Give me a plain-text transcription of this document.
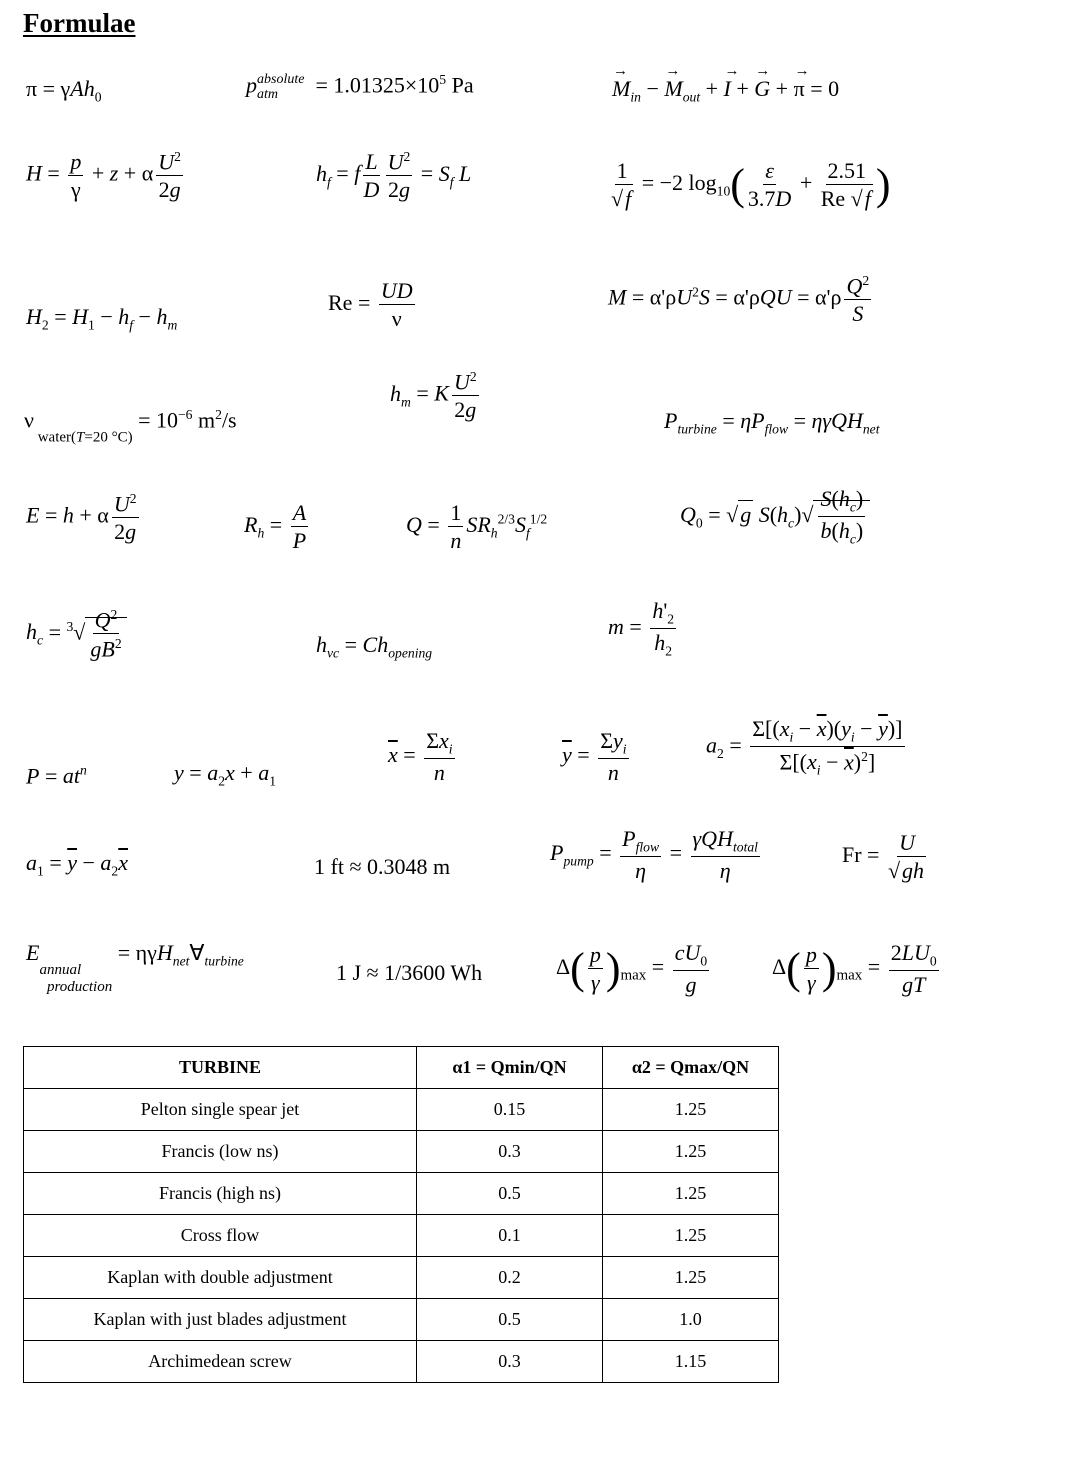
Formulae
π = γAh$_0$	p absolute
atm	= $1.01325\times 10^5$ Pa	→ $M_{in}$ − → $M_{out}$ + → I + → G + → π = 0
$H = \frac{p}{\gamma} + z + \alpha \frac{U^2}{2g}$	$h_f = f \frac{L}{D} \frac{U^2}{2g} = S_f$ L	$\frac{1}{√f} = -2$ $\log_{10}( \frac{\varepsilon}{3.7D} + \frac{2.51}{Re √f}$ )
$H_2 = H_1 - h_f - h_m$
$Re = \frac{UD}{\nu}$	$M = \alpha'\rho U^2S = \alpha'\rho QU = \alpha'\rho \frac{Q^2}{S}$
ν $_{water(T=20 ^\circ C)} = 10^{-6}$ $m^2/s$
$h_m = K \frac{U^2}{2g}$	$P_{turbine} = \eta P_{flow} = \eta\gamma QH_{net}$
E = h + α $\frac{U^2}{2g}$	$R_h = \frac{A}{P}$	$Q = \frac{1}{n} SR_h^{2/3}S_f^{1/2}$	$Q_0 = √g$ $S(h_c)√ \frac{S(h_c)}{b(h_c)}$
$h_c = ^3√ \frac{Q^2}{gB^2}$	$h_{vc} = Ch_{opening}$
$m = \frac{h'_2}{h_2}$
$P = at^n$	$y = a_2x + a_1$
$\overline{x}$ =
$\Sigma x_i$
n
$\overline{y}$ =
$\Sigma y_i$
n
$a_2 = \frac{\Sigma[(x_i - \overline{x})(y_i - \overline{y})]}{\Sigma[(x_i - \overline{x})^2]}$
$a_1 = \overline{y} - a_2\overline{x}$	1 ft ≈ 0.3048 m
$P_{pump}$ =
$P_{flow}$
η
=
γQH$_{total}$
η
$Fr = \frac{U}{√gh}$
E
annual
production
= $\eta\gamma H_{net}\forall_{turbine}$	1 J ≈ 1/3600 Wh	$\Delta( \frac{p}{\gamma} )_{max} = \frac{cU_0}{g}$	$\Delta( \frac{p}{\gamma} )_{max} = \frac{2LU_0}{gT}$
TURBINE	α1 = Qmin/QN	α2 = Qmax/QN
Pelton single spear jet	0.15	1.25
Francis (low ns)	0.3	1.25
Francis (high ns)	0.5	1.25
Cross flow	0.1	1.25
Kaplan with double adjustment	0.2	1.25
Kaplan with just blades adjustment	0.5	1.0
Archimedean screw	0.3	1.15
